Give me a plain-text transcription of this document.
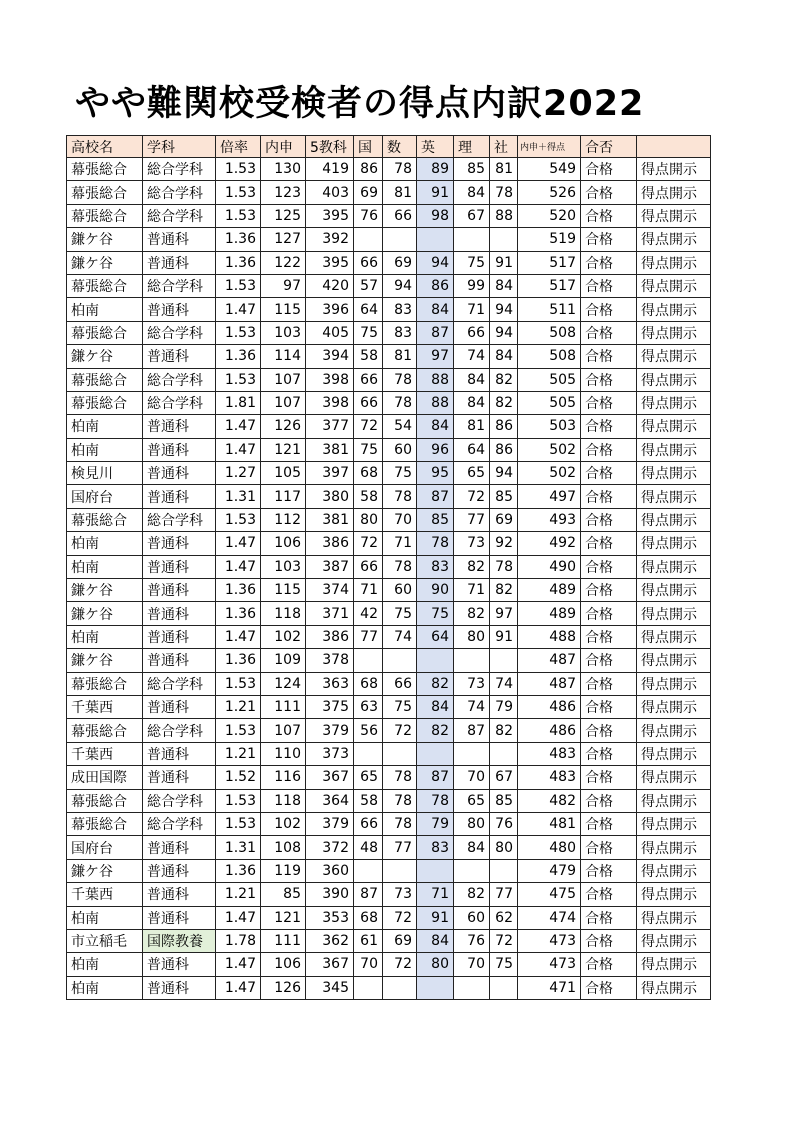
やや難関校受検者の得点内訳2022
高校名	学科	倍率	内申	5教科	国	数	英	理	社	内申＋得点	合否	
幕張総合	総合学科	1.53	130	419	86	78	89	85	81	549	合格	得点開示
幕張総合	総合学科	1.53	123	403	69	81	91	84	78	526	合格	得点開示
幕張総合	総合学科	1.53	125	395	76	66	98	67	88	520	合格	得点開示
鎌ケ谷	普通科	1.36	127	392						519	合格	得点開示
鎌ケ谷	普通科	1.36	122	395	66	69	94	75	91	517	合格	得点開示
幕張総合	総合学科	1.53	97	420	57	94	86	99	84	517	合格	得点開示
柏南	普通科	1.47	115	396	64	83	84	71	94	511	合格	得点開示
幕張総合	総合学科	1.53	103	405	75	83	87	66	94	508	合格	得点開示
鎌ケ谷	普通科	1.36	114	394	58	81	97	74	84	508	合格	得点開示
幕張総合	総合学科	1.53	107	398	66	78	88	84	82	505	合格	得点開示
幕張総合	総合学科	1.81	107	398	66	78	88	84	82	505	合格	得点開示
柏南	普通科	1.47	126	377	72	54	84	81	86	503	合格	得点開示
柏南	普通科	1.47	121	381	75	60	96	64	86	502	合格	得点開示
検見川	普通科	1.27	105	397	68	75	95	65	94	502	合格	得点開示
国府台	普通科	1.31	117	380	58	78	87	72	85	497	合格	得点開示
幕張総合	総合学科	1.53	112	381	80	70	85	77	69	493	合格	得点開示
柏南	普通科	1.47	106	386	72	71	78	73	92	492	合格	得点開示
柏南	普通科	1.47	103	387	66	78	83	82	78	490	合格	得点開示
鎌ケ谷	普通科	1.36	115	374	71	60	90	71	82	489	合格	得点開示
鎌ケ谷	普通科	1.36	118	371	42	75	75	82	97	489	合格	得点開示
柏南	普通科	1.47	102	386	77	74	64	80	91	488	合格	得点開示
鎌ケ谷	普通科	1.36	109	378						487	合格	得点開示
幕張総合	総合学科	1.53	124	363	68	66	82	73	74	487	合格	得点開示
千葉西	普通科	1.21	111	375	63	75	84	74	79	486	合格	得点開示
幕張総合	総合学科	1.53	107	379	56	72	82	87	82	486	合格	得点開示
千葉西	普通科	1.21	110	373						483	合格	得点開示
成田国際	普通科	1.52	116	367	65	78	87	70	67	483	合格	得点開示
幕張総合	総合学科	1.53	118	364	58	78	78	65	85	482	合格	得点開示
幕張総合	総合学科	1.53	102	379	66	78	79	80	76	481	合格	得点開示
国府台	普通科	1.31	108	372	48	77	83	84	80	480	合格	得点開示
鎌ケ谷	普通科	1.36	119	360						479	合格	得点開示
千葉西	普通科	1.21	85	390	87	73	71	82	77	475	合格	得点開示
柏南	普通科	1.47	121	353	68	72	91	60	62	474	合格	得点開示
市立稲毛	国際教養	1.78	111	362	61	69	84	76	72	473	合格	得点開示
柏南	普通科	1.47	106	367	70	72	80	70	75	473	合格	得点開示
柏南	普通科	1.47	126	345						471	合格	得点開示
